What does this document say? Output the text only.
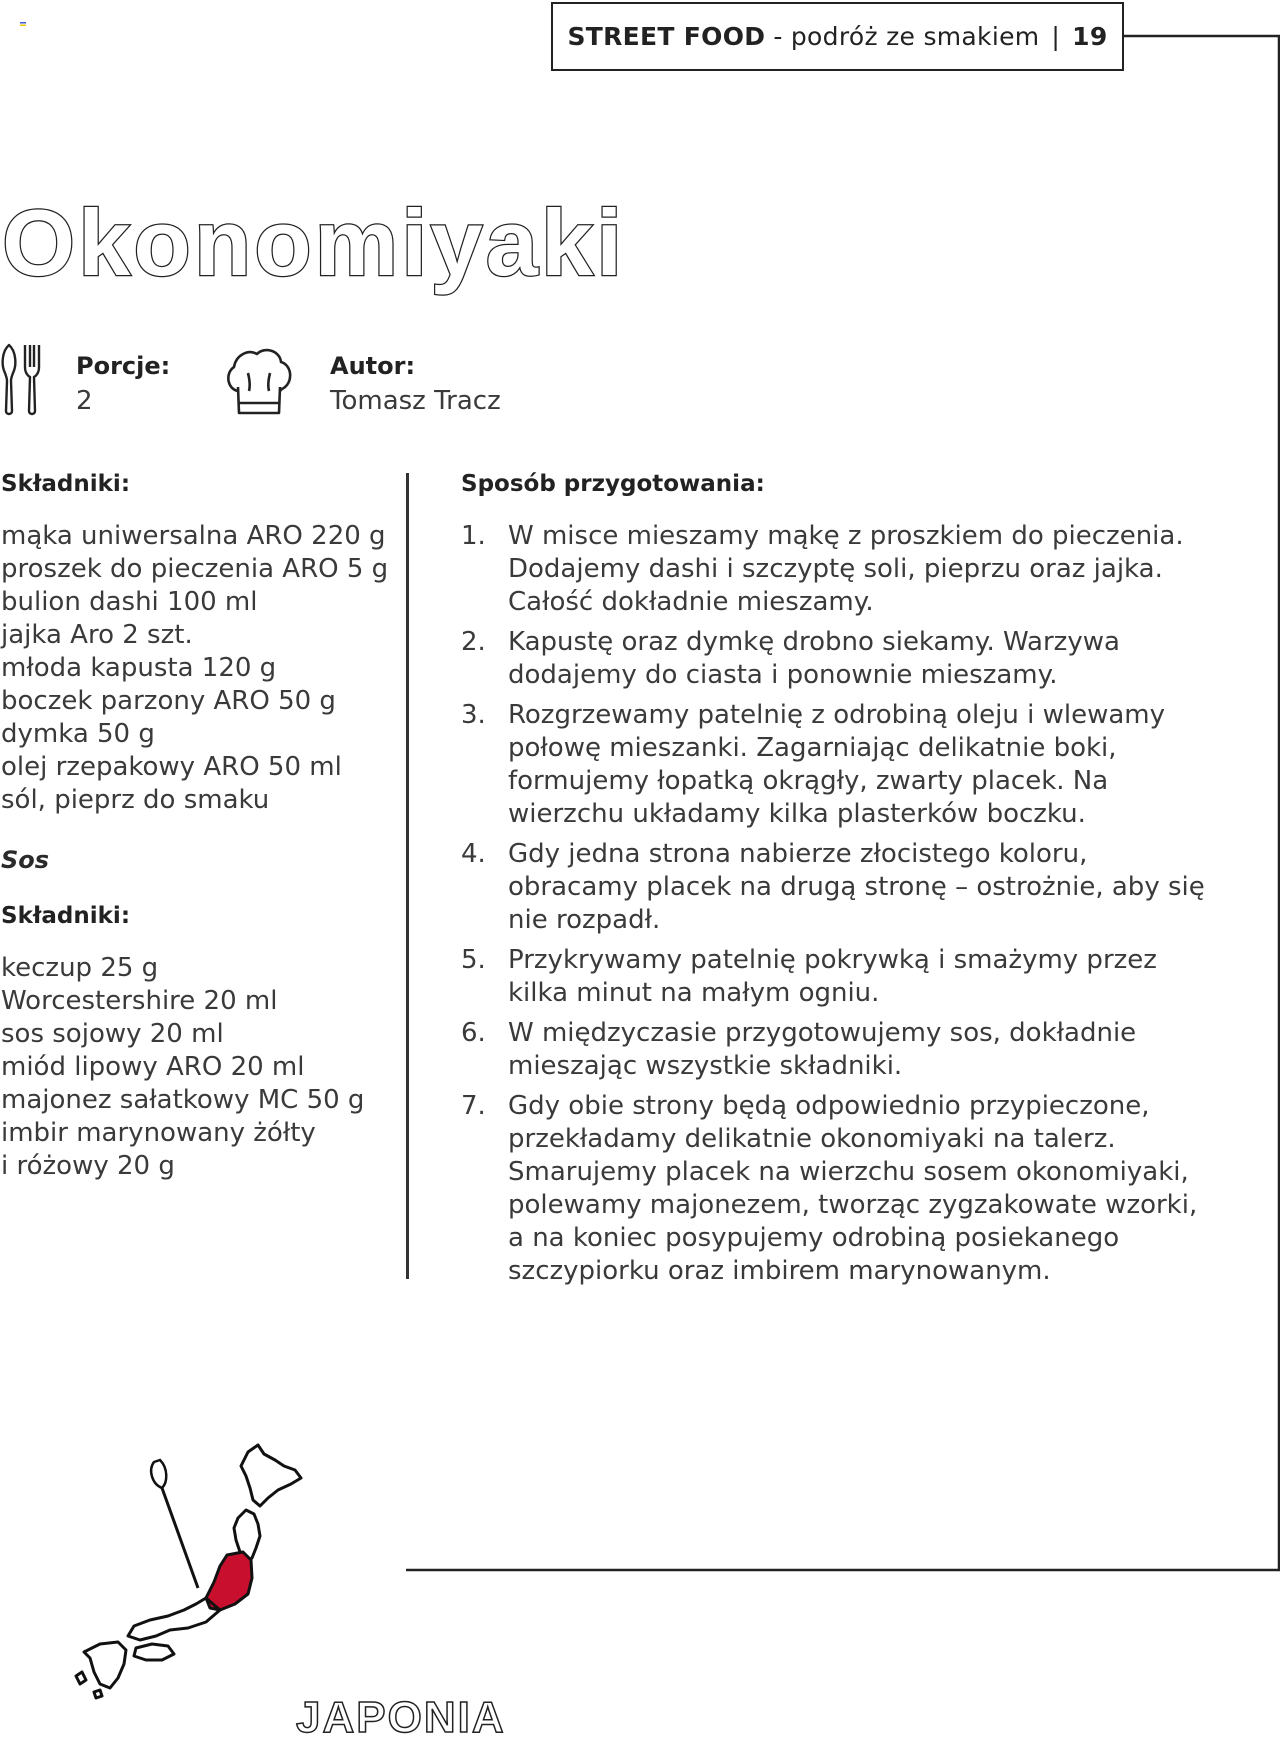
STREET FOOD - podróż ze smakiem | 19
Okonomiyaki
Porcje:
2
Autor:
Tomasz Tracz
Składniki:
mąka uniwersalna ARO 220 g
proszek do pieczenia ARO 5 g
bulion dashi 100 ml
jajka Aro 2 szt.
młoda kapusta 120 g
boczek parzony ARO 50 g
dymka 50 g
olej rzepakowy ARO 50 ml
sól, pieprz do smaku
Sos
Składniki:
keczup 25 g
Worcestershire 20 ml
sos sojowy 20 ml
miód lipowy ARO 20 ml
majonez sałatkowy MC 50 g
imbir marynowany żółty
i różowy 20 g
Sposób przygotowania:
1. W misce mieszamy mąkę z proszkiem do pieczenia. Dodajemy dashi i szczyptę soli, pieprzu oraz jajka. Całość dokładnie mieszamy.
2. Kapustę oraz dymkę drobno siekamy. Warzywa dodajemy do ciasta i ponownie mieszamy.
3. Rozgrzewamy patelnię z odrobiną oleju i wlewamy połowę mieszanki. Zagarniając delikatnie boki, formujemy łopatką okrągły, zwarty placek. Na wierzchu układamy kilka plasterków boczku.
4. Gdy jedna strona nabierze złocistego koloru, obracamy placek na drugą stronę – ostrożnie, aby się nie rozpadł.
5. Przykrywamy patelnię pokrywką i smażymy przez kilka minut na małym ogniu.
6. W międzyczasie przygotowujemy sos, dokładnie mieszając wszystkie składniki.
7. Gdy obie strony będą odpowiednio przypieczone, przekładamy delikatnie okonomiyaki na talerz. Smarujemy placek na wierzchu sosem okonomiyaki, polewamy majonezem, tworząc zygzakowate wzorki, a na koniec posypujemy odrobiną posiekanego szczypiorku oraz imbirem marynowanym.
JAPONIA
